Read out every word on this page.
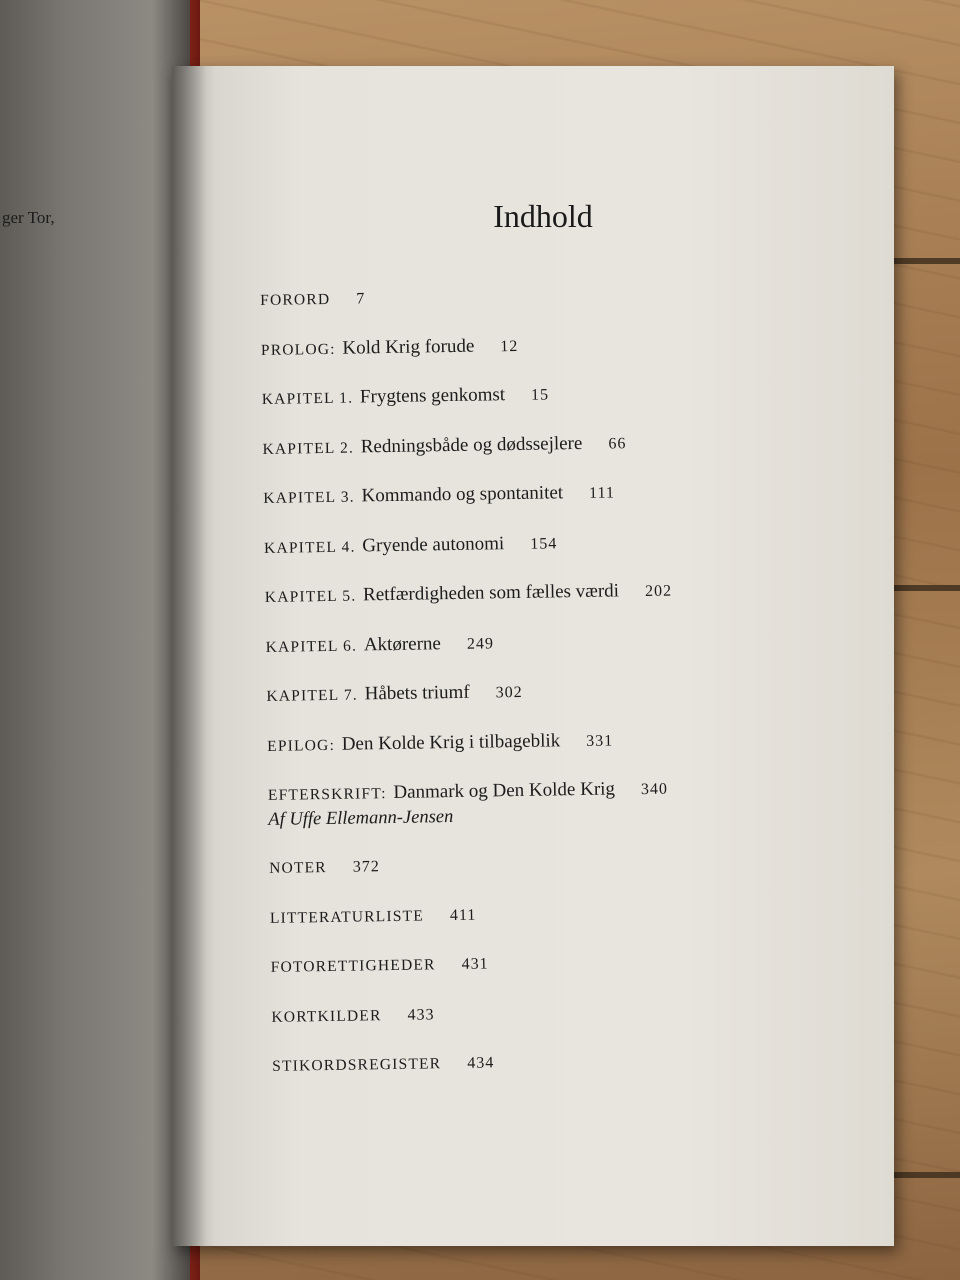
ger Tor,	Indhold
FORORD 7
PROLOG: Kold Krig forude 12
KAPITEL 1. Frygtens genkomst 15
KAPITEL 2. Redningsbåde og dødssejlere 66
KAPITEL 3. Kommando og spontanitet 111
KAPITEL 4. Gryende autonomi 154
KAPITEL 5. Retfærdigheden som fælles værdi 202
KAPITEL 6. Aktørerne 249
KAPITEL 7. Håbets triumf 302
EPILOG: Den Kolde Krig i tilbageblik 331
EFTERSKRIFT: Danmark og Den Kolde Krig 340
Af Uffe Ellemann-Jensen
NOTER 372
LITTERATURLISTE 411
FOTORETTIGHEDER 431
KORTKILDER 433
STIKORDSREGISTER 434
